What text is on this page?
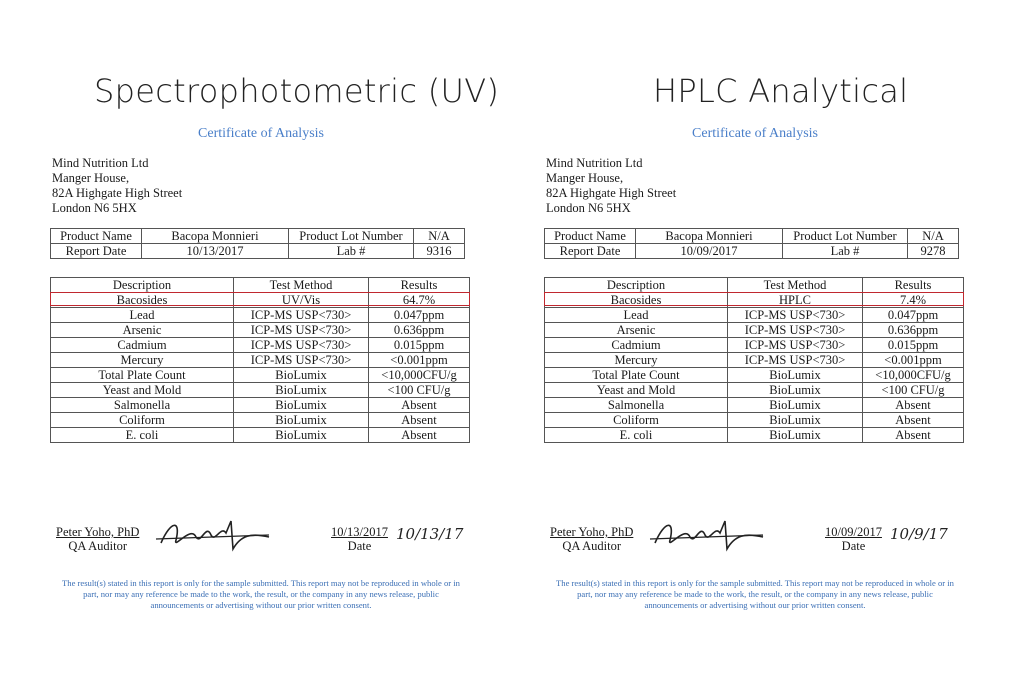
Spectrophotometric (UV)	HPLC Analytical
Certificate of Analysis
Mind Nutrition Ltd
Manger House,
82A Highgate High Street
London N6 5HX
Product Name	Bacopa Monnieri	Product Lot Number	N/A
Report Date	10/13/2017	Lab #	9316
Description	Test Method	Results
Bacosides	UV/Vis	64.7%
Lead	ICP-MS USP<730>	0.047ppm
Arsenic	ICP-MS USP<730>	0.636ppm
Cadmium	ICP-MS USP<730>	0.015ppm
Mercury	ICP-MS USP<730>	<0.001ppm
Total Plate Count	BioLumix	<10,000CFU/g
Yeast and Mold	BioLumix	<100 CFU/g
Salmonella	BioLumix	Absent
Coliform	BioLumix	Absent
E. coli	BioLumix	Absent
Peter Yoho, PhD
QA Auditor
10/13/2017
Date
10/13/17
The result(s) stated in this report is only for the sample submitted. This report may not be reproduced in whole or in
part, nor may any reference be made to the work, the result, or the company in any news release, public
announcements or advertising without our prior written consent.
Certificate of Analysis
Mind Nutrition Ltd
Manger House,
82A Highgate High Street
London N6 5HX
Product Name	Bacopa Monnieri	Product Lot Number	N/A
Report Date	10/09/2017	Lab #	9278
Description	Test Method	Results
Bacosides	HPLC	7.4%
Lead	ICP-MS USP<730>	0.047ppm
Arsenic	ICP-MS USP<730>	0.636ppm
Cadmium	ICP-MS USP<730>	0.015ppm
Mercury	ICP-MS USP<730>	<0.001ppm
Total Plate Count	BioLumix	<10,000CFU/g
Yeast and Mold	BioLumix	<100 CFU/g
Salmonella	BioLumix	Absent
Coliform	BioLumix	Absent
E. coli	BioLumix	Absent
Peter Yoho, PhD
QA Auditor
10/09/2017
Date
10/9/17
The result(s) stated in this report is only for the sample submitted. This report may not be reproduced in whole or in
part, nor may any reference be made to the work, the result, or the company in any news release, public
announcements or advertising without our prior written consent.
